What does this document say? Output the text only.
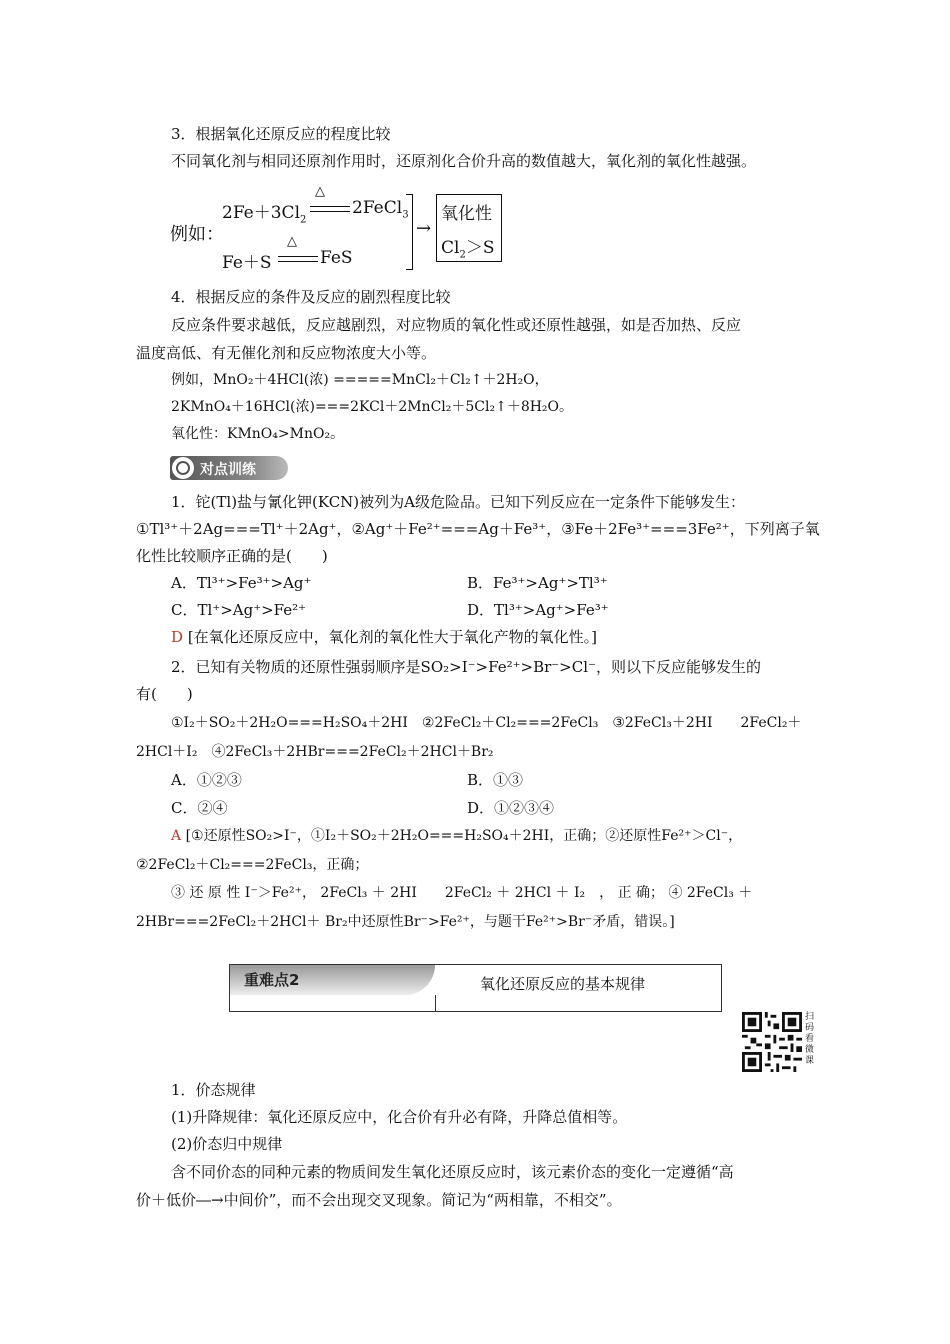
3．根据氧化还原反应的程度比较
不同氧化剂与相同还原剂作用时，还原剂化合价升高的数值越大，氧化剂的氧化性越强。
例如：
$2Fe+3Cl_2$
△
2FeCl$_3$
Fe＋S
△
FeS
→
氧化性
$Cl_2>S$
4．根据反应的条件及反应的剧烈程度比较
反应条件要求越低，反应越剧烈，对应物质的氧化性或还原性越强，如是否加热、反应
温度高低、有无催化剂和反应物浓度大小等。
例如，MnO₂＋4HCl(浓) =====MnCl₂＋Cl₂↑＋2H₂O，
2KMnO₄＋16HCl(浓)===2KCl＋2MnCl₂＋5Cl₂↑＋8H₂O。
氧化性：KMnO₄>MnO₂。
对点训练
1．铊(Tl)盐与氰化钾(KCN)被列为A级危险品。已知下列反应在一定条件下能够发生：
①Tl³⁺＋2Ag===Tl⁺＋2Ag⁺，②Ag⁺＋Fe²⁺===Ag＋Fe³⁺，③Fe＋2Fe³⁺===3Fe²⁺，下列离子氧
化性比较顺序正确的是(　　)
A．Tl³⁺>Fe³⁺>Ag⁺	B．Fe³⁺>Ag⁺>Tl³⁺
C．Tl⁺>Ag⁺>Fe²⁺	D．Tl³⁺>Ag⁺>Fe³⁺
D [在氧化还原反应中，氧化剂的氧化性大于氧化产物的氧化性。]
2．已知有关物质的还原性强弱顺序是SO₂>I⁻>Fe²⁺>Br⁻>Cl⁻，则以下反应能够发生的
有(　　)
①I₂＋SO₂＋2H₂O===H₂SO₄＋2HI　②2FeCl₂＋Cl₂===2FeCl₃　③2FeCl₃＋2HI　　2FeCl₂＋
2HCl＋I₂　④2FeCl₃＋2HBr===2FeCl₂＋2HCl＋Br₂
A．①②③	B．①③
C．②④	D．①②③④
A [①还原性SO₂>I⁻，①I₂＋SO₂＋2H₂O===H₂SO₄＋2HI，正确；②还原性Fe²⁺＞Cl⁻，
②2FeCl₂＋Cl₂===2FeCl₃，正确；
③ 还 原 性 I⁻＞Fe²⁺， 2FeCl₃ ＋ 2HI　　2FeCl₂ ＋ 2HCl ＋ I₂　， 正 确； ④ 2FeCl₃ ＋
2HBr===2FeCl₂＋2HCl＋ Br₂中还原性Br⁻>Fe²⁺，与题干Fe²⁺>Br⁻矛盾，错误。]
重难点2	氧化还原反应的基本规律
扫码看微课
1．价态规律
(1)升降规律：氧化还原反应中，化合价有升必有降，升降总值相等。
(2)价态归中规律
含不同价态的同种元素的物质间发生氧化还原反应时，该元素价态的变化一定遵循“高
价＋低价―→中间价”，而不会出现交叉现象。简记为“两相靠，不相交”。
